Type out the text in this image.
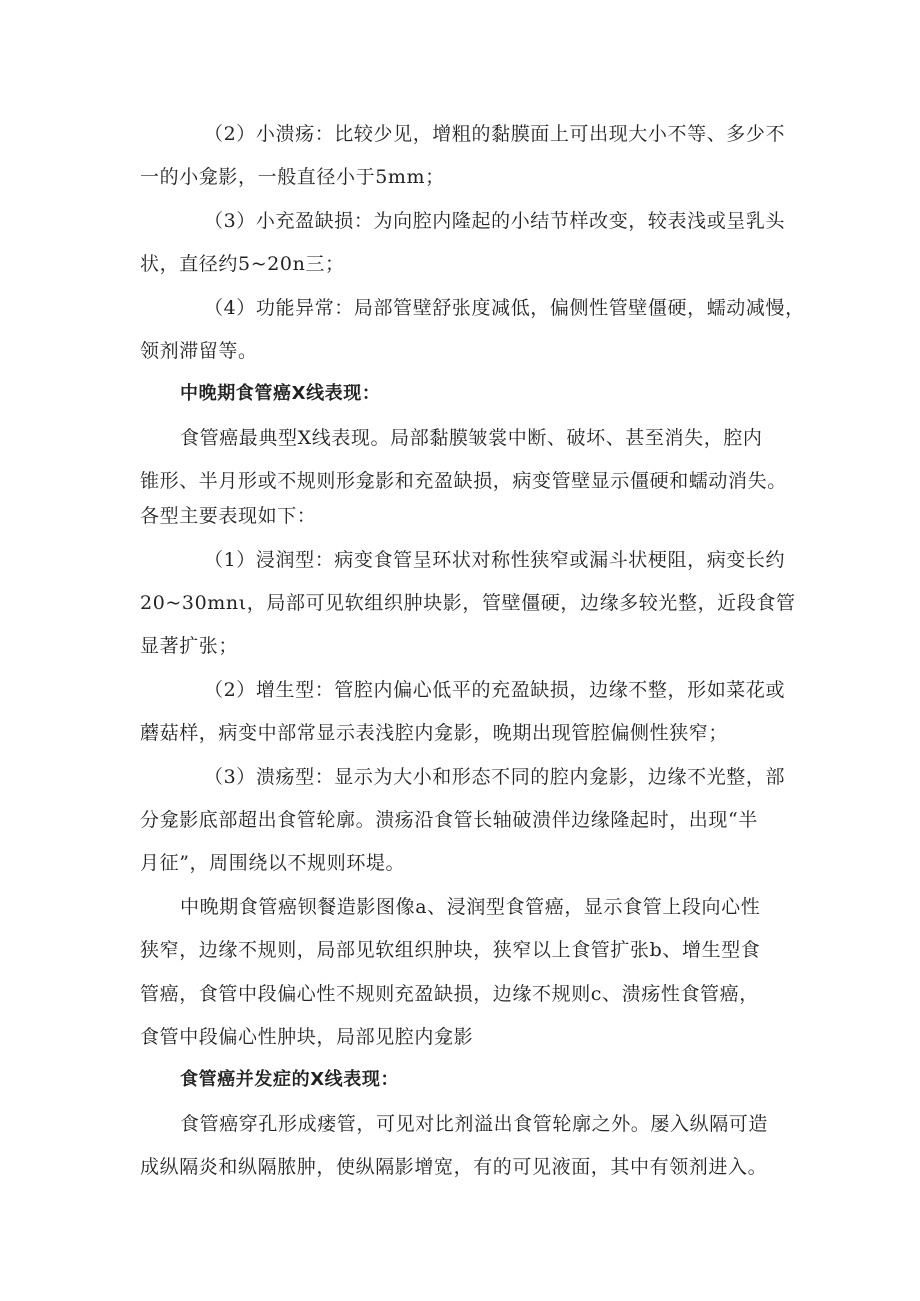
（2）小溃疡：比较少见，增粗的黏膜面上可出现大小不等、多少不
一的小龛影，一般直径小于5mm；
（3）小充盈缺损：为向腔内隆起的小结节样改变，较表浅或呈乳头
状，直径约5~20n三；
（4）功能异常：局部管壁舒张度减低，偏侧性管壁僵硬，蠕动减慢，
领剂滞留等。
中晚期食管癌X线表现：
食管癌最典型X线表现。局部黏膜皱裳中断、破坏、甚至消失，腔内
锥形、半月形或不规则形龛影和充盈缺损，病变管壁显示僵硬和蠕动消失。
各型主要表现如下：
（1）浸润型：病变食管呈环状对称性狭窄或漏斗状梗阻，病变长约
20~30mnι，局部可见软组织肿块影，管壁僵硬，边缘多较光整，近段食管
显著扩张；
（2）增生型：管腔内偏心低平的充盈缺损，边缘不整，形如菜花或
蘑菇样，病变中部常显示表浅腔内龛影，晚期出现管腔偏侧性狭窄；
（3）溃疡型：显示为大小和形态不同的腔内龛影，边缘不光整，部
分龛影底部超出食管轮廓。溃疡沿食管长轴破溃伴边缘隆起时，出现“半
月征”，周围绕以不规则环堤。
中晚期食管癌钡餐造影图像a、浸润型食管癌，显示食管上段向心性
狭窄，边缘不规则，局部见软组织肿块，狭窄以上食管扩张b、增生型食
管癌，食管中段偏心性不规则充盈缺损，边缘不规则c、溃疡性食管癌，
食管中段偏心性肿块，局部见腔内龛影
食管癌并发症的X线表现：
食管癌穿孔形成瘘管，可见对比剂溢出食管轮廓之外。屡入纵隔可造
成纵隔炎和纵隔脓肿，使纵隔影增宽，有的可见液面，其中有领剂进入。
